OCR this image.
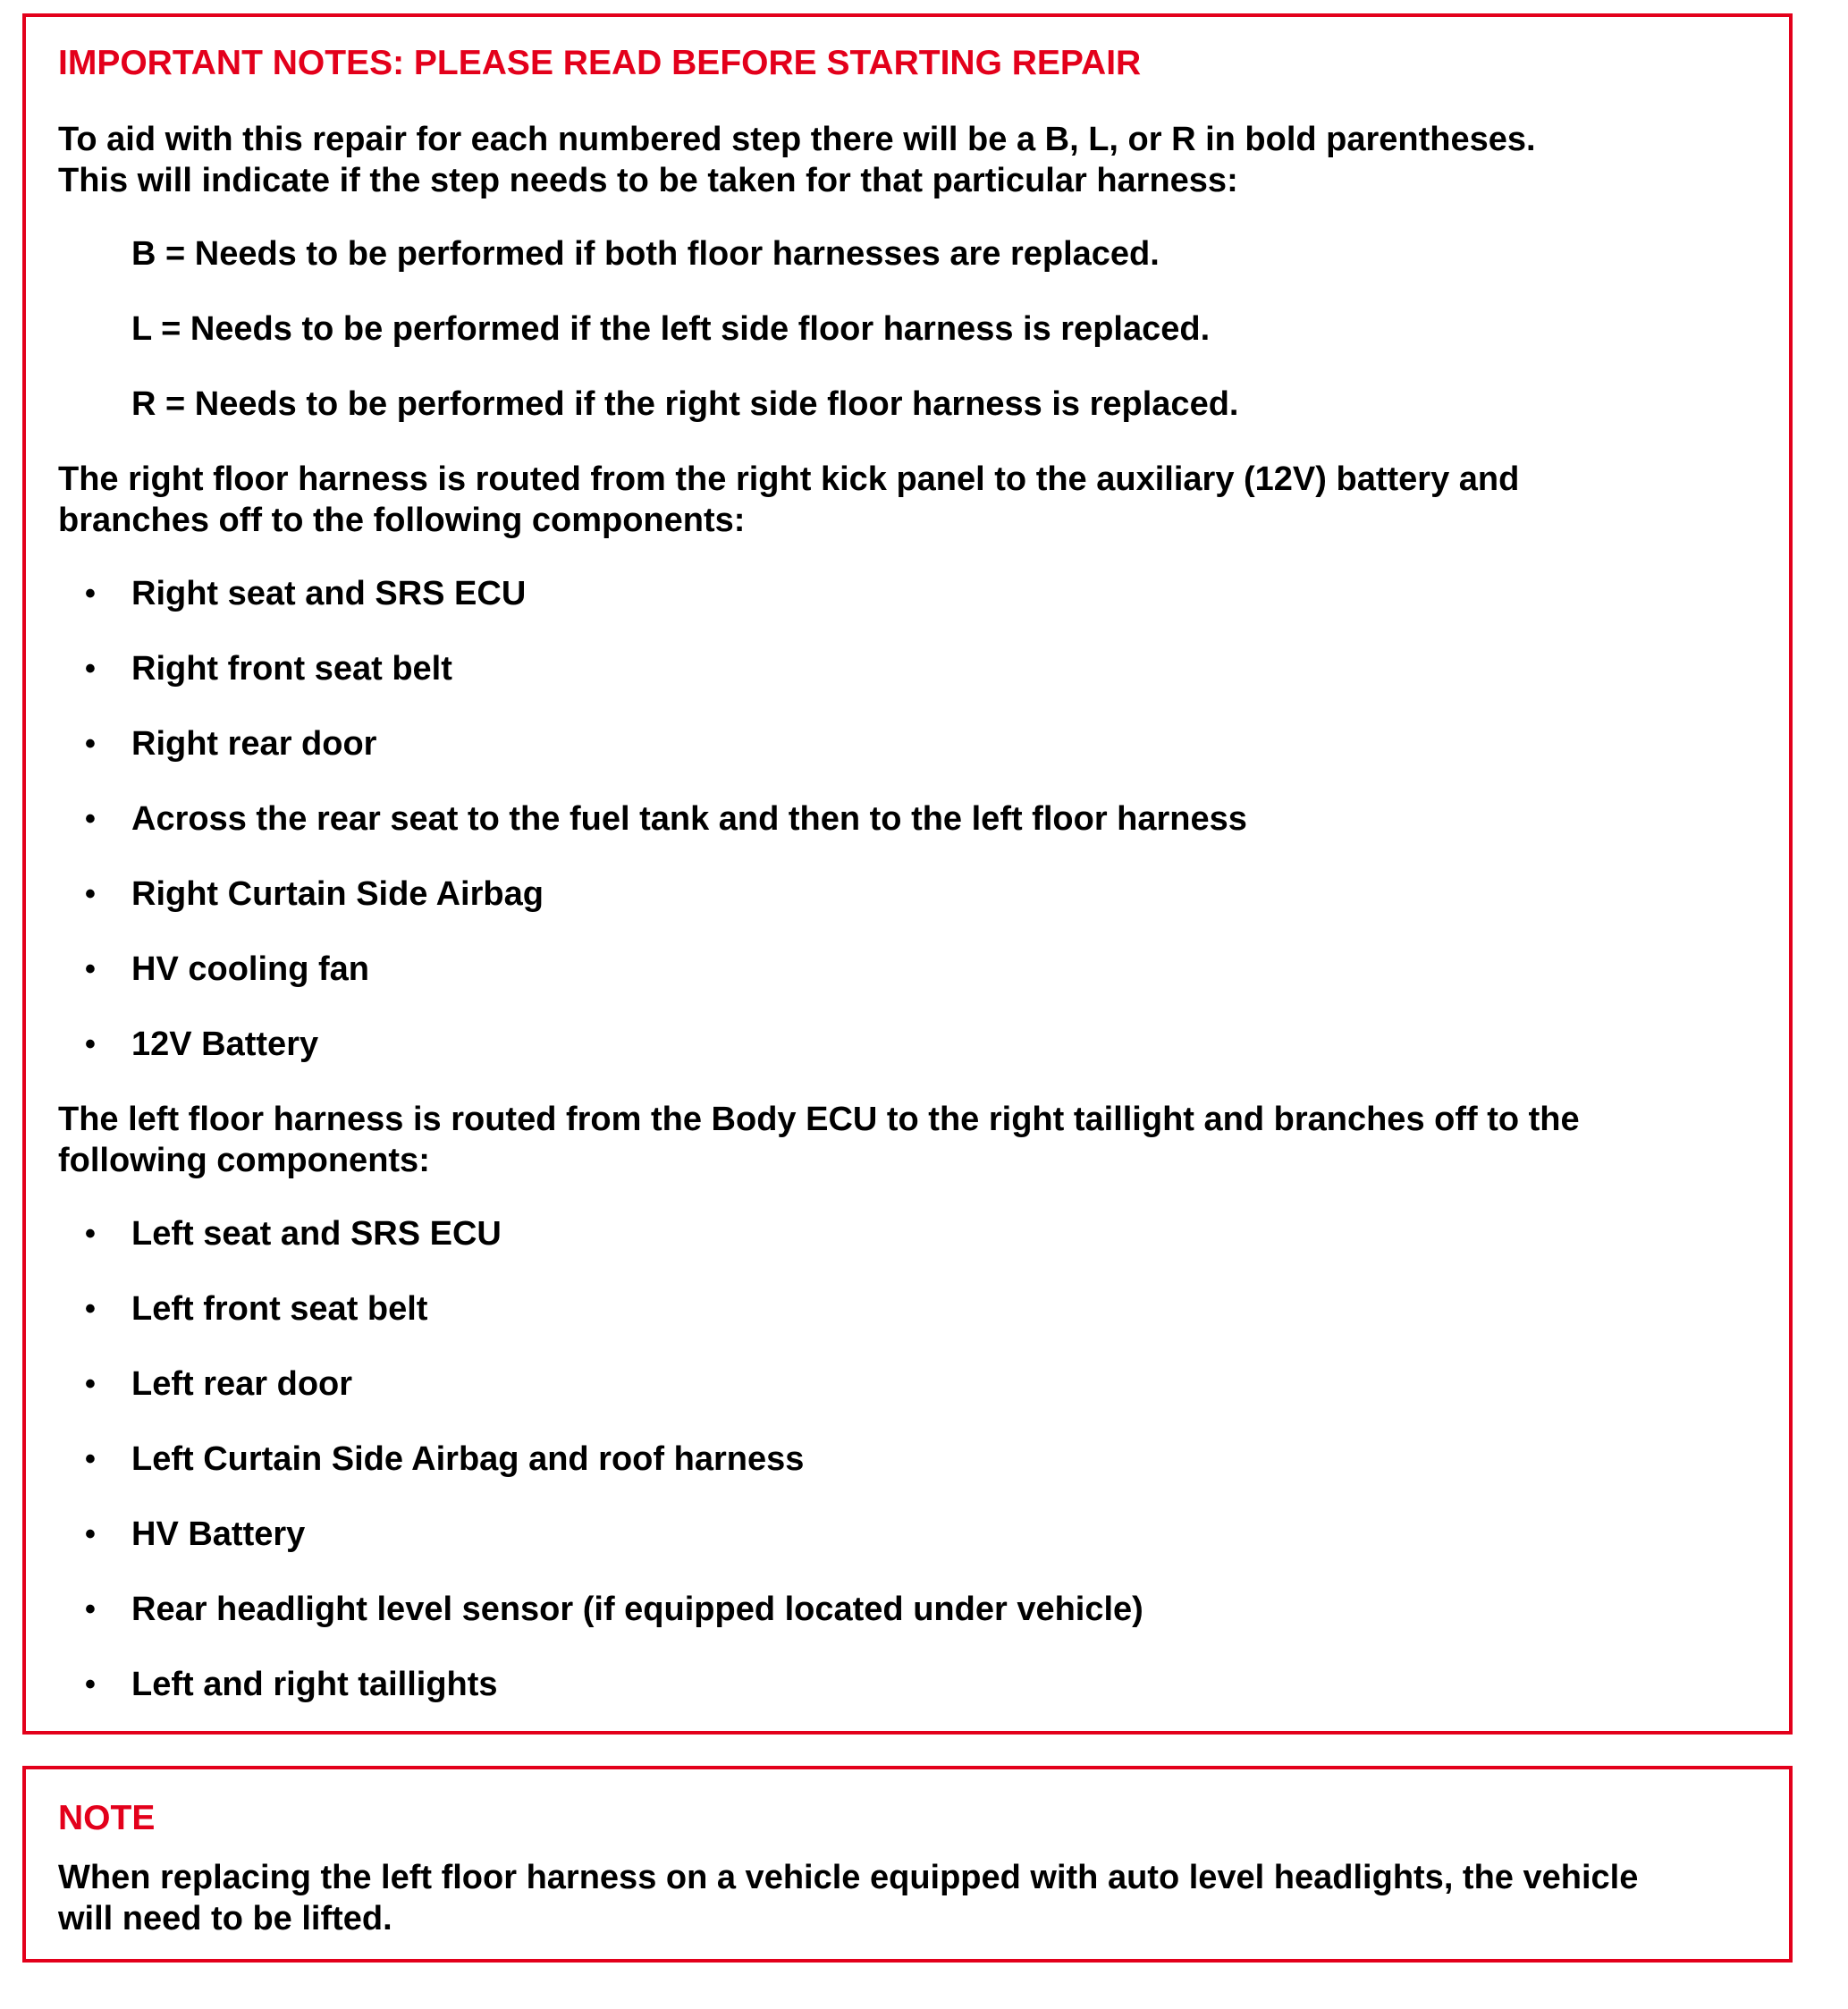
IMPORTANT NOTES: PLEASE READ BEFORE STARTING REPAIR

To aid with this repair for each numbered step there will be a B, L, or R in bold parentheses.
This will indicate if the step needs to be taken for that particular harness:

B = Needs to be performed if both floor harnesses are replaced.

L = Needs to be performed if the left side floor harness is replaced.

R = Needs to be performed if the right side floor harness is replaced.

The right floor harness is routed from the right kick panel to the auxiliary (12V) battery and
branches off to the following components:

• Right seat and SRS ECU
• Right front seat belt
• Right rear door
• Across the rear seat to the fuel tank and then to the left floor harness
• Right Curtain Side Airbag
• HV cooling fan
• 12V Battery

The left floor harness is routed from the Body ECU to the right taillight and branches off to the
following components:

• Left seat and SRS ECU
• Left front seat belt
• Left rear door
• Left Curtain Side Airbag and roof harness
• HV Battery
• Rear headlight level sensor (if equipped located under vehicle)
• Left and right taillights
NOTE

When replacing the left floor harness on a vehicle equipped with auto level headlights, the vehicle
will need to be lifted.
